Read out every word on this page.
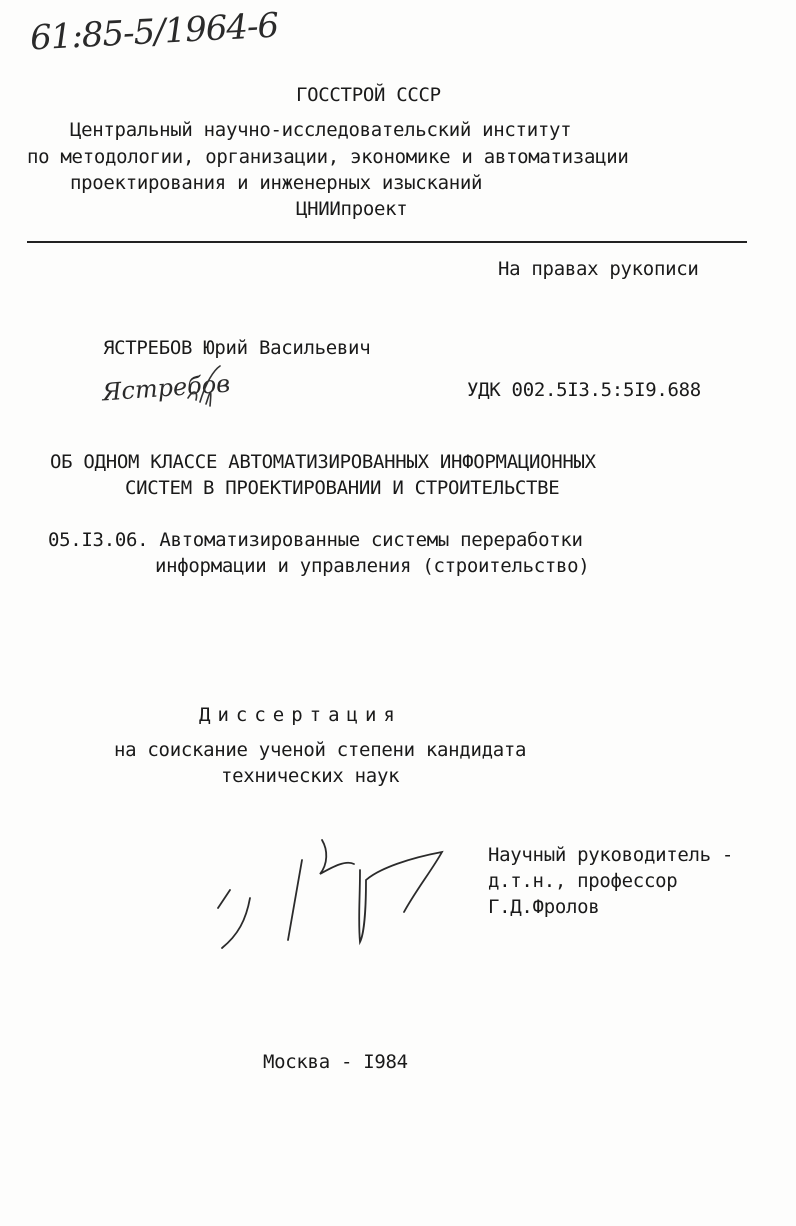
61:85-5/1964-6
ГОССТРОЙ СССР
Центральный научно-исследовательский институт
по методологии, организации, экономике и автоматизации
проектирования и инженерных изысканий
ЦНИИпроект
На правах рукописи
ЯСТРЕБОВ Юрий Васильевич
Ястребов	УДК 002.5I3.5:5I9.688
ОБ ОДНОМ КЛАССЕ АВТОМАТИЗИРОВАННЫХ ИНФОРМАЦИОННЫХ
СИСТЕМ В ПРОЕКТИРОВАНИИ И СТРОИТЕЛЬСТВЕ
05.I3.06. Автоматизированные системы переработки
информации и управления (строительство)
Диссертация
на соискание ученой степени кандидата
технических наук
Научный руководитель -
д.т.н., профессор
Г.Д.Фролов
Москва - I984
